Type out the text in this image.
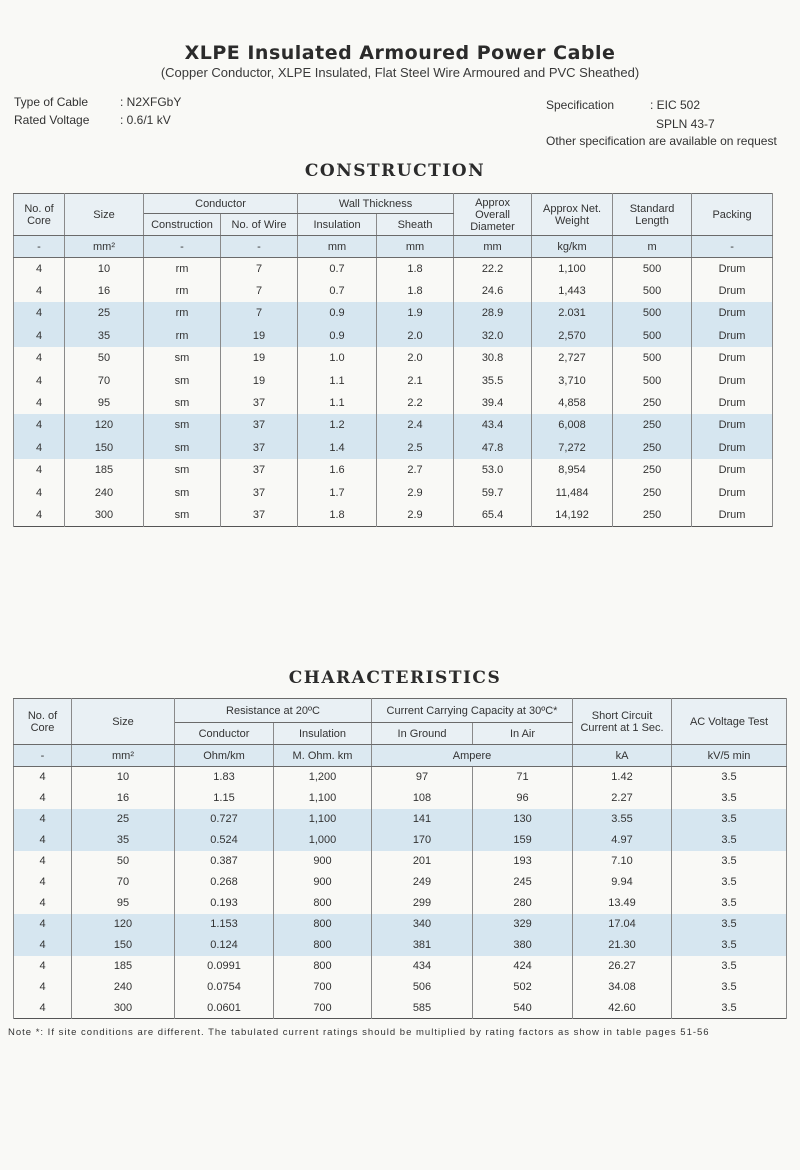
XLPE Insulated Armoured Power Cable
(Copper Conductor, XLPE Insulated, Flat Steel Wire Armoured and PVC Sheathed)
Type of Cable	: N2XFGbY
Rated Voltage	: 0.6/1 kV
Specification	: EIC 502
SPLN 43-7
Other specification are available on request
CONSTRUCTION
No. of Core	Size	Conductor		Wall Thickness		Approx Overall Diameter	Approx Net. Weight	Standard Length	Packing
		Construction	No. of Wire	Insulation	Sheath				
-	mm²	-	-	mm	mm	mm	kg/km	m	-
4	10	rm	7	0.7	1.8	22.2	1,100	500	Drum
4	16	rm	7	0.7	1.8	24.6	1,443	500	Drum
4	25	rm	7	0.9	1.9	28.9	2.031	500	Drum
4	35	rm	19	0.9	2.0	32.0	2,570	500	Drum
4	50	sm	19	1.0	2.0	30.8	2,727	500	Drum
4	70	sm	19	1.1	2.1	35.5	3,710	500	Drum
4	95	sm	37	1.1	2.2	39.4	4,858	250	Drum
4	120	sm	37	1.2	2.4	43.4	6,008	250	Drum
4	150	sm	37	1.4	2.5	47.8	7,272	250	Drum
4	185	sm	37	1.6	2.7	53.0	8,954	250	Drum
4	240	sm	37	1.7	2.9	59.7	11,484	250	Drum
4	300	sm	37	1.8	2.9	65.4	14,192	250	Drum
CHARACTERISTICS
No. of Core	Size	Resistance at 20ºC		Current Carrying Capacity at 30ºC*		Short Circuit Current at 1 Sec.	AC Voltage Test
		Conductor	Insulation	In Ground	In Air		
-	mm²	Ohm/km	M. Ohm. km	Ampere		kA	kV/5 min
4	10	1.83	1,200	97	71	1.42	3.5
4	16	1.15	1,100	108	96	2.27	3.5
4	25	0.727	1,100	141	130	3.55	3.5
4	35	0.524	1,000	170	159	4.97	3.5
4	50	0.387	900	201	193	7.10	3.5
4	70	0.268	900	249	245	9.94	3.5
4	95	0.193	800	299	280	13.49	3.5
4	120	1.153	800	340	329	17.04	3.5
4	150	0.124	800	381	380	21.30	3.5
4	185	0.0991	800	434	424	26.27	3.5
4	240	0.0754	700	506	502	34.08	3.5
4	300	0.0601	700	585	540	42.60	3.5
Note *: If site conditions are different. The tabulated current ratings should be multiplied by rating factors as show in table pages 51-56
